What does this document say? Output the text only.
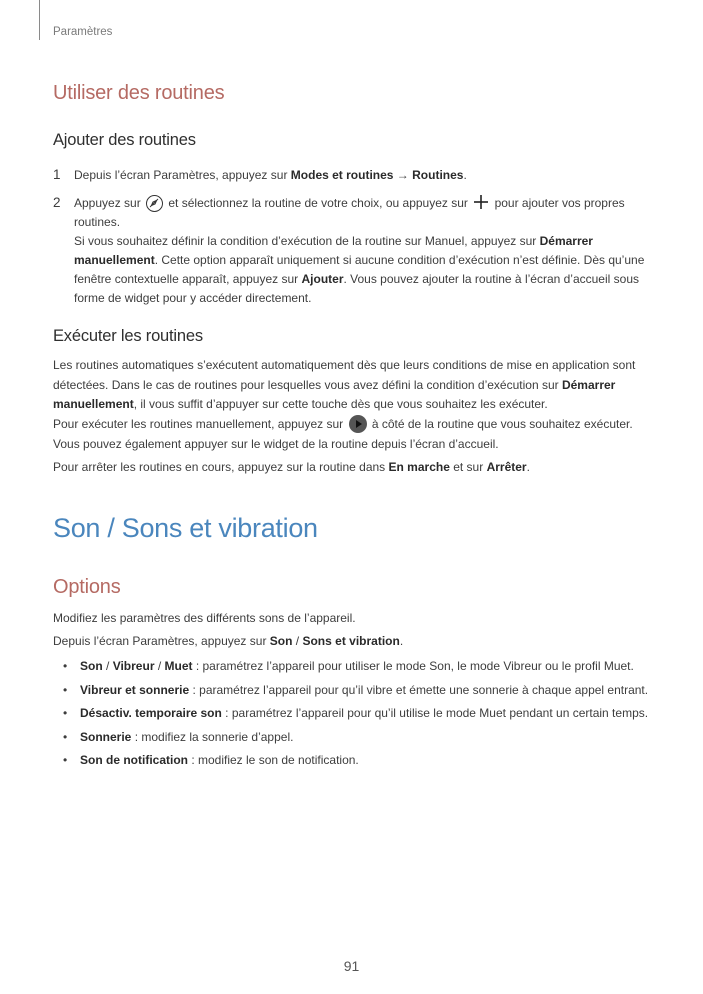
Paramètres
Utiliser des routines
Ajouter des routines
1 Depuis l’écran Paramètres, appuyez sur Modes et routines → Routines.
2 Appuyez sur
et sélectionnez la routine de votre choix, ou appuyez sur  pour ajouter vos propres routines.
Si vous souhaitez définir la condition d’exécution de la routine sur Manuel, appuyez sur Démarrer manuellement. Cette option apparaît uniquement si aucune condition d’exécution n’est définie. Dès qu’une fenêtre contextuelle apparaît, appuyez sur Ajouter. Vous pouvez ajouter la routine à l’écran d’accueil sous forme de widget pour y accéder directement.
Exécuter les routines
Les routines automatiques s’exécutent automatiquement dès que leurs conditions de mise en application sont détectées. Dans le cas de routines pour lesquelles vous avez défini la condition d’exécution sur Démarrer manuellement, il vous suffit d’appuyer sur cette touche dès que vous souhaitez les exécuter.
Pour exécuter les routines manuellement, appuyez sur
à côté de la routine que vous souhaitez exécuter. Vous pouvez également appuyer sur le widget de la routine depuis l’écran d’accueil.
Pour arrêter les routines en cours, appuyez sur la routine dans En marche et sur Arrêter.
Son / Sons et vibration
Options
Modifiez les paramètres des différents sons de l’appareil.
Depuis l’écran Paramètres, appuyez sur Son / Sons et vibration.
• Son / Vibreur / Muet : paramétrez l’appareil pour utiliser le mode Son, le mode Vibreur ou le profil Muet.
• Vibreur et sonnerie : paramétrez l’appareil pour qu’il vibre et émette une sonnerie à chaque appel entrant.
• Désactiv. temporaire son : paramétrez l’appareil pour qu’il utilise le mode Muet pendant un certain temps.
• Sonnerie : modifiez la sonnerie d’appel.
• Son de notification : modifiez le son de notification.
91
